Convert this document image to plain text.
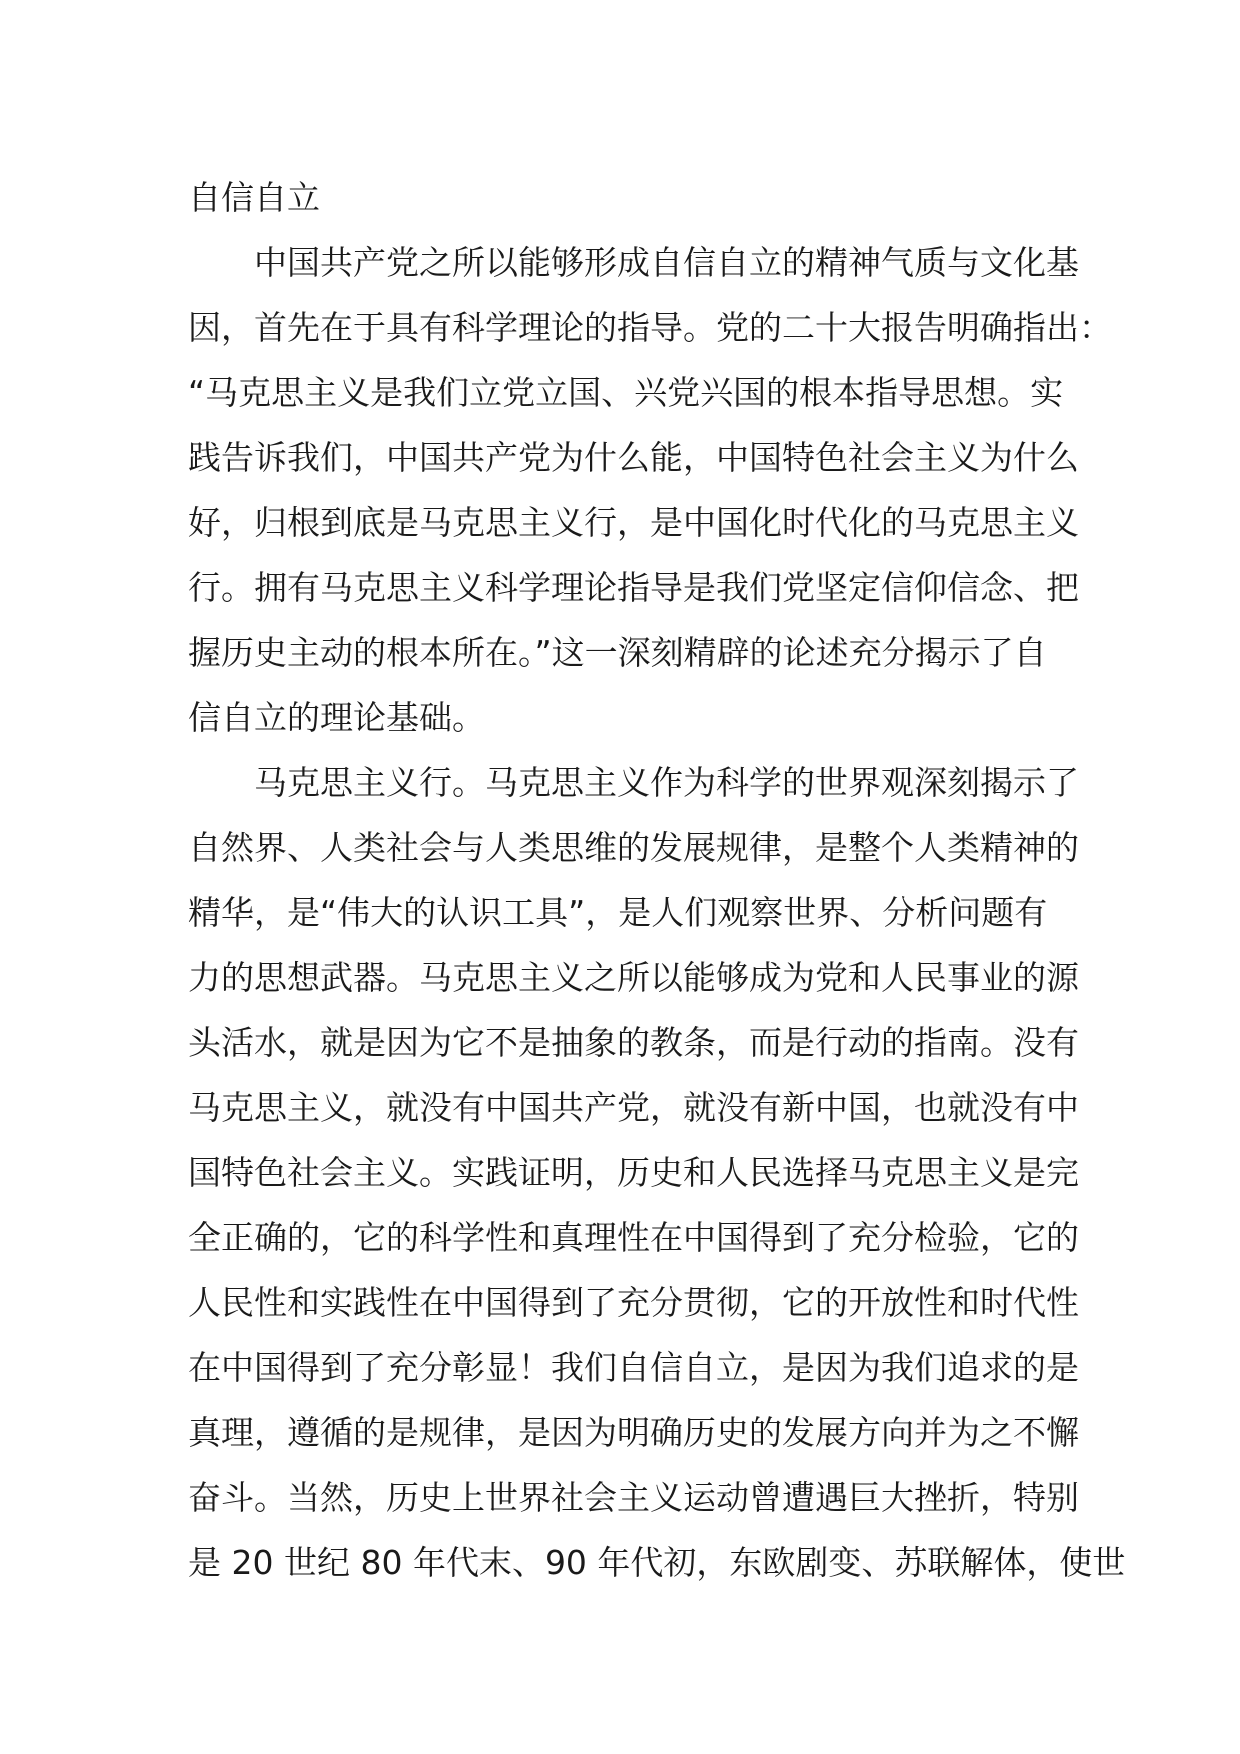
自信自立
中国共产党之所以能够形成自信自立的精神气质与文化基
因，首先在于具有科学理论的指导。党的二十大报告明确指出：
“马克思主义是我们立党立国、兴党兴国的根本指导思想。实
践告诉我们，中国共产党为什么能，中国特色社会主义为什么
好，归根到底是马克思主义行，是中国化时代化的马克思主义
行。拥有马克思主义科学理论指导是我们党坚定信仰信念、把
握历史主动的根本所在。”这一深刻精辟的论述充分揭示了自
信自立的理论基础。
马克思主义行。马克思主义作为科学的世界观深刻揭示了
自然界、人类社会与人类思维的发展规律，是整个人类精神的
精华，是“伟大的认识工具”，是人们观察世界、分析问题有
力的思想武器。马克思主义之所以能够成为党和人民事业的源
头活水，就是因为它不是抽象的教条，而是行动的指南。没有
马克思主义，就没有中国共产党，就没有新中国，也就没有中
国特色社会主义。实践证明，历史和人民选择马克思主义是完
全正确的，它的科学性和真理性在中国得到了充分检验，它的
人民性和实践性在中国得到了充分贯彻，它的开放性和时代性
在中国得到了充分彰显！我们自信自立，是因为我们追求的是
真理，遵循的是规律，是因为明确历史的发展方向并为之不懈
奋斗。当然，历史上世界社会主义运动曾遭遇巨大挫折，特别
是 20 世纪 80 年代末、90 年代初，东欧剧变、苏联解体，使世
